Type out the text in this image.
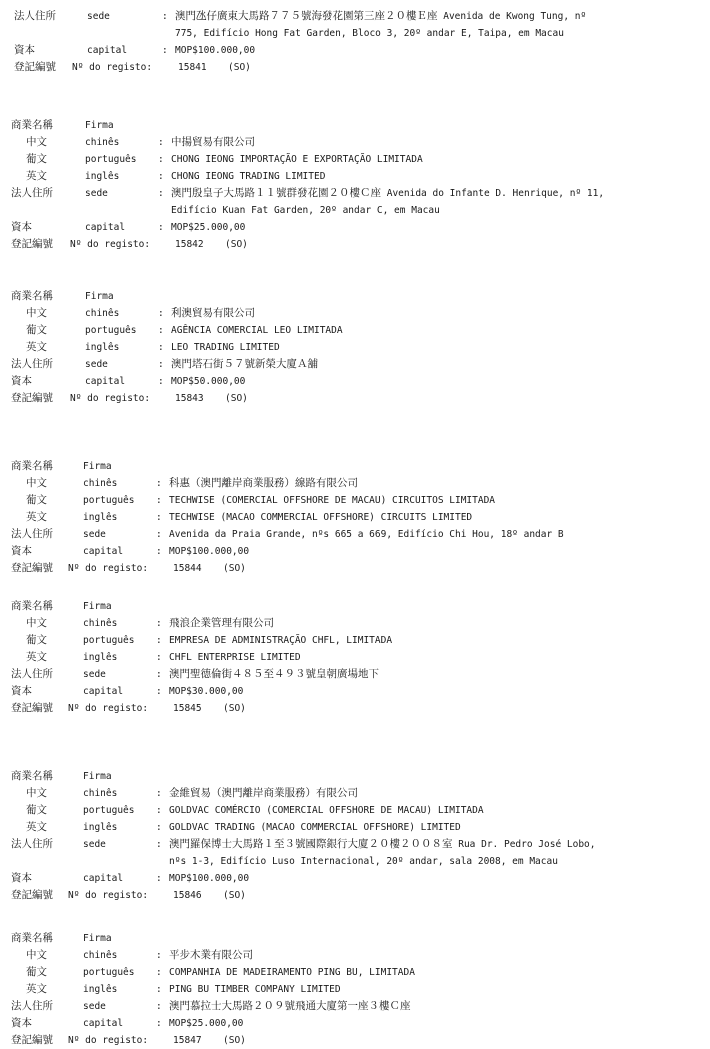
法人住所	sede	: 澳門氹仔廣東大馬路７７５號海發花園第三座２０樓Ｅ座 Avenida de Kwong Tung, nº
775, Edifício Hong Fat Garden, Bloco 3, 20º andar E, Taipa, em Macau
資本	capital	: MOP$100.000,00
登記編號 Nº do registo:	15841 (SO)
商業名稱	Firma
中文	chinês	: 中揚貿易有限公司
葡文	português : CHONG IEONG IMPORTAÇÃO E EXPORTAÇÃO LIMITADA
英文	inglês	: CHONG IEONG TRADING LIMITED
法人住所	sede	: 澳門殷皇子大馬路１１號群發花園２０樓Ｃ座 Avenida do Infante D. Henrique, nº 11,
Edifício Kuan Fat Garden, 20º andar C, em Macau
資本	capital	: MOP$25.000,00
登記編號 Nº do registo:	15842 (SO)
商業名稱	Firma
中文	chinês	: 利澳貿易有限公司
葡文	português : AGÊNCIA COMERCIAL LEO LIMITADA
英文	inglês	: LEO TRADING LIMITED
法人住所	sede	: 澳門塔石街５７號新榮大廈Ａ舖
資本	capital	: MOP$50.000,00
登記編號 Nº do registo:	15843 (SO)
商業名稱	Firma
中文	chinês	: 科惠（澳門離岸商業服務）線路有限公司
葡文	português : TECHWISE (COMERCIAL OFFSHORE DE MACAU) CIRCUITOS LIMITADA
英文	inglês	: TECHWISE (MACAO COMMERCIAL OFFSHORE) CIRCUITS LIMITED
法人住所	sede	: Avenida da Praia Grande, nºs 665 a 669, Edifício Chi Hou, 18º andar B
資本	capital	: MOP$100.000,00
登記編號 Nº do registo:	15844 (SO)
商業名稱	Firma
中文	chinês	: 飛浪企業管理有限公司
葡文	português : EMPRESA DE ADMINISTRAÇÃO CHFL, LIMITADA
英文	inglês	: CHFL ENTERPRISE LIMITED
法人住所	sede	: 澳門聖德倫街４８５至４９３號皇朝廣場地下
資本	capital	: MOP$30.000,00
登記編號 Nº do registo:	15845 (SO)
商業名稱	Firma
中文	chinês	: 金維貿易（澳門離岸商業服務）有限公司
葡文	português : GOLDVAC COMÉRCIO (COMERCIAL OFFSHORE DE MACAU) LIMITADA
英文	inglês	: GOLDVAC TRADING (MACAO COMMERCIAL OFFSHORE) LIMITED
法人住所	sede	: 澳門羅保博士大馬路１至３號國際銀行大廈２０樓２００８室 Rua Dr. Pedro José Lobo,
nºs 1-3, Edifício Luso Internacional, 20º andar, sala 2008, em Macau
資本	capital	: MOP$100.000,00
登記編號 Nº do registo:	15846 (SO)
商業名稱	Firma
中文	chinês	: 平步木業有限公司
葡文	português : COMPANHIA DE MADEIRAMENTO PING BU, LIMITADA
英文	inglês	: PING BU TIMBER COMPANY LIMITED
法人住所	sede	: 澳門慕拉士大馬路２０９號飛通大廈第一座３樓Ｃ座
資本	capital	: MOP$25.000,00
登記編號 Nº do registo:	15847 (SO)
